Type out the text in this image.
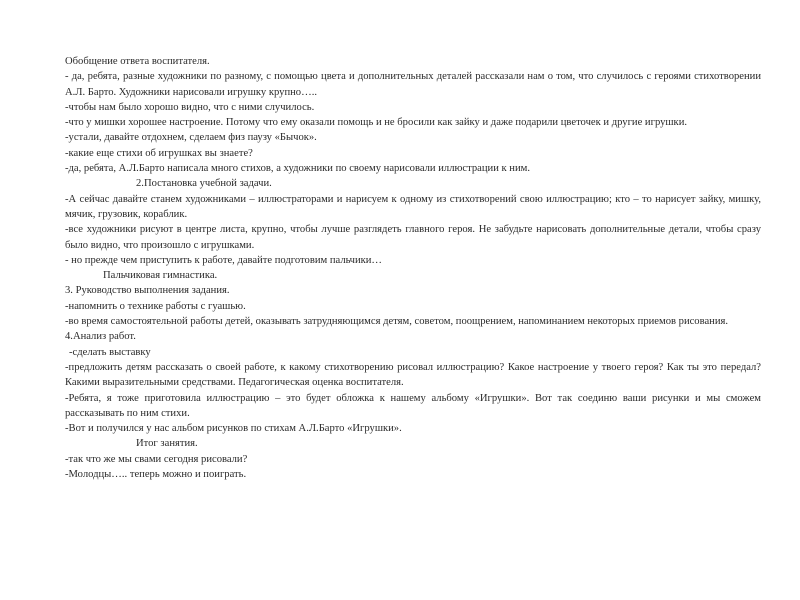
Обобщение ответа воспитателя.
- да, ребята, разные художники по разному, с помощью цвета и дополнительных деталей рассказали нам о том, что случилось с героями стихотворении А.Л. Барто. Художники нарисовали игрушку крупно…..
-чтобы нам было хорошо видно, что с ними случилось.
-что у мишки хорошее настроение. Потому что ему оказали помощь и не бросили как зайку и даже подарили цветочек и другие игрушки.
-устали, давайте отдохнем, сделаем физ паузу «Бычок».
-какие еще стихи об игрушках вы знаете?
-да, ребята, А.Л.Барто написала много стихов, а художники по своему нарисовали иллюстрации к ним.
2.Постановка учебной задачи.
-А сейчас давайте станем художниками – иллюстраторами и нарисуем к одному из стихотворений свою иллюстрацию; кто – то нарисует зайку, мишку, мячик, грузовик, кораблик.
-все художники рисуют в центре листа, крупно, чтобы лучше разглядеть главного героя. Не забудьте нарисовать дополнительные детали, чтобы сразу было видно, что произошло с игрушками.
- но прежде чем приступить к работе, давайте подготовим пальчики…
Пальчиковая гимнастика.
3. Руководство выполнения задания.
-напомнить о технике работы с гуашью.
-во время самостоятельной работы детей, оказывать затрудняющимся детям, советом, поощрением, напоминанием некоторых приемов рисования.
4.Анализ работ.
-сделать выставку
-предложить детям рассказать о своей работе, к какому стихотворению рисовал иллюстрацию? Какое настроение у твоего героя? Как ты это передал? Какими выразительными средствами. Педагогическая оценка воспитателя.
-Ребята, я тоже приготовила иллюстрацию – это будет обложка к нашему альбому «Игрушки». Вот так соединю ваши рисунки и мы сможем рассказывать по ним стихи.
-Вот и получился у нас альбом рисунков по стихам А.Л.Барто «Игрушки».
Итог занятия.
-так что же мы свами сегодня рисовали?
-Молодцы….. теперь можно и поиграть.
